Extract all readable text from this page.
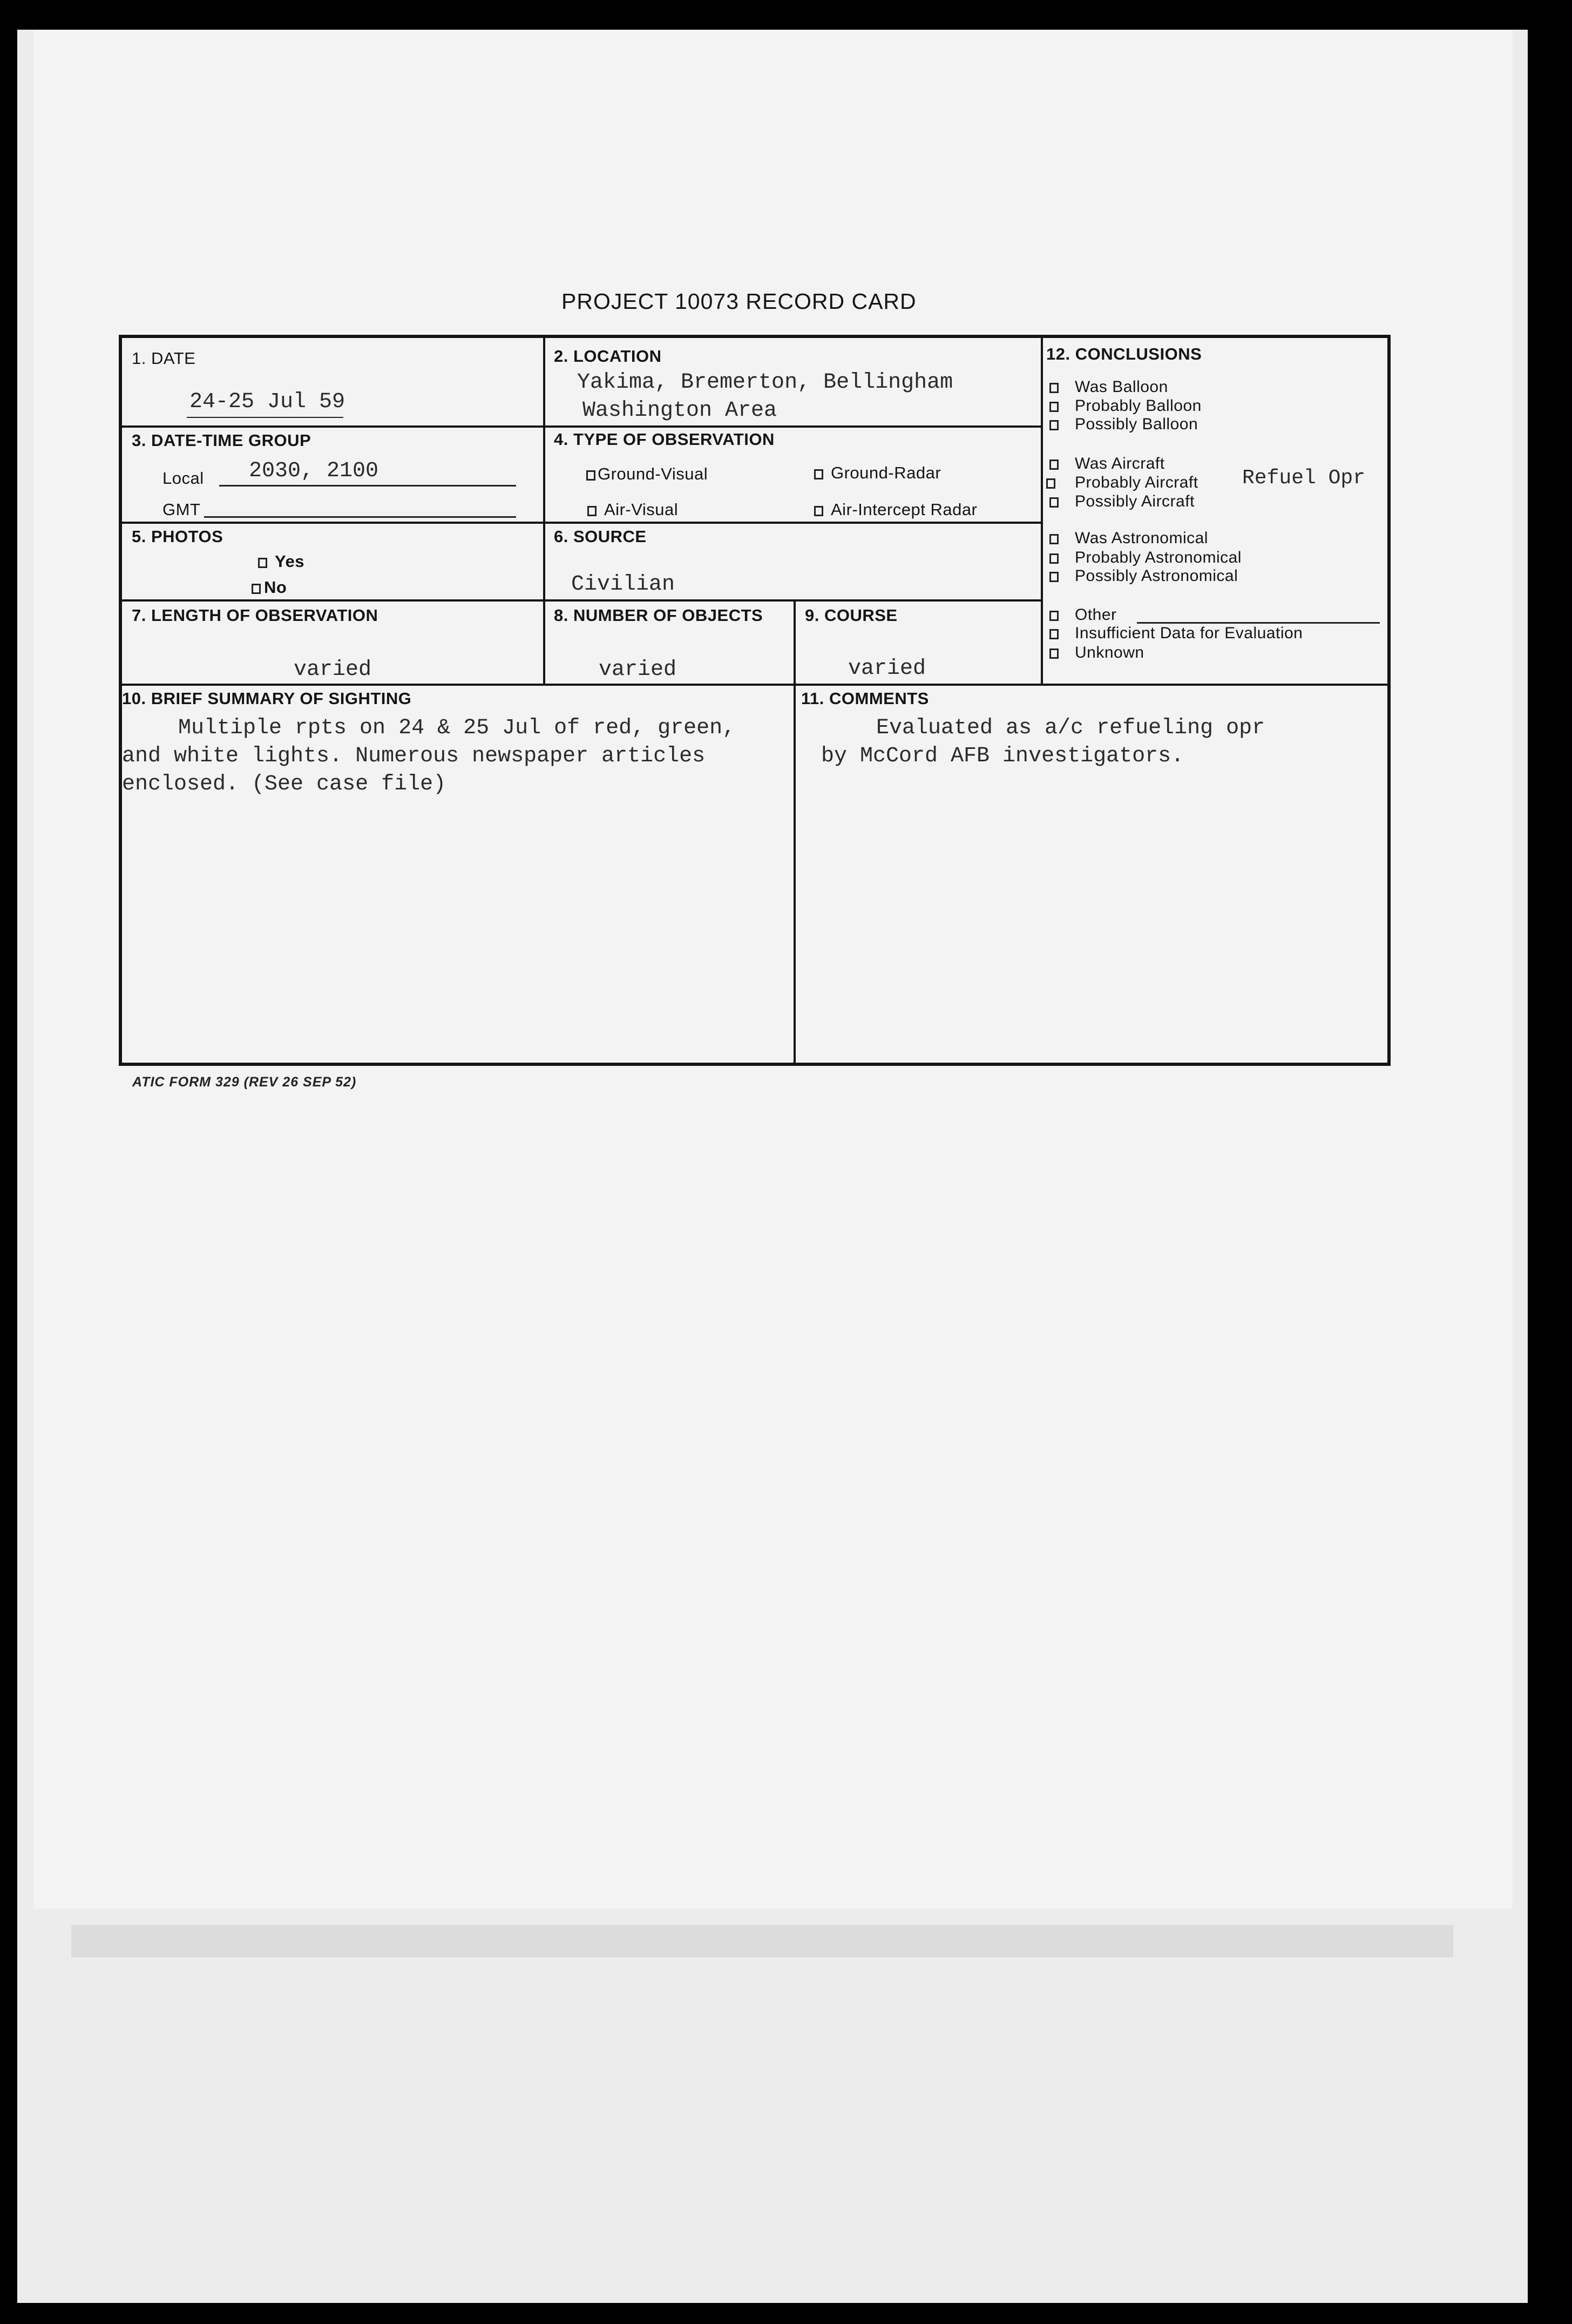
PROJECT 10073 RECORD CARD
1. DATE
24-25 Jul 59
2. LOCATION
Yakima, Bremerton, Bellingham
Washington Area
3. DATE-TIME GROUP
Local 2030, 2100
GMT
4. TYPE OF OBSERVATION
Ground-Visual	Ground-Radar
Air-Visual	Air-Intercept Radar
5. PHOTOS
Yes
No
6. SOURCE
Civilian
7. LENGTH OF OBSERVATION
varied
8. NUMBER OF OBJECTS
varied
9. COURSE
varied
10. BRIEF SUMMARY OF SIGHTING
Multiple rpts on 24 & 25 Jul of red, green,
and white lights. Numerous newspaper articles
enclosed. (See case file)
11. COMMENTS
Evaluated as a/c refueling opr
by McCord AFB investigators.
12. CONCLUSIONS
Was Balloon
Probably Balloon
Possibly Balloon
Was Aircraft
Probably Aircraft Refuel Opr
Possibly Aircraft
Was Astronomical
Probably Astronomical
Possibly Astronomical
Other
Insufficient Data for Evaluation
Unknown
ATIC FORM 329 (REV 26 SEP 52)
